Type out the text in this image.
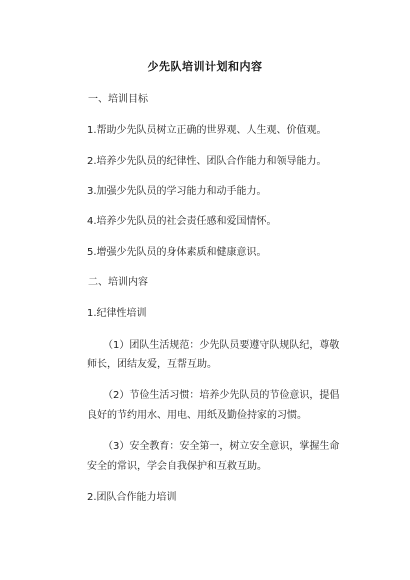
少先队培训计划和内容
一、培训目标
1.帮助少先队员树立正确的世界观、人生观、价值观。
2.培养少先队员的纪律性、团队合作能力和领导能力。
3.加强少先队员的学习能力和动手能力。
4.培养少先队员的社会责任感和爱国情怀。
5.增强少先队员的身体素质和健康意识。
二、培训内容
1.纪律性培训
（1）团队生活规范：少先队员要遵守队规队纪，尊敬
师长，团结友爱，互帮互助。
（2）节俭生活习惯：培养少先队员的节俭意识，提倡
良好的节约用水、用电、用纸及勤俭持家的习惯。
（3）安全教育：安全第一，树立安全意识，掌握生命
安全的常识，学会自我保护和互救互助。
2.团队合作能力培训
